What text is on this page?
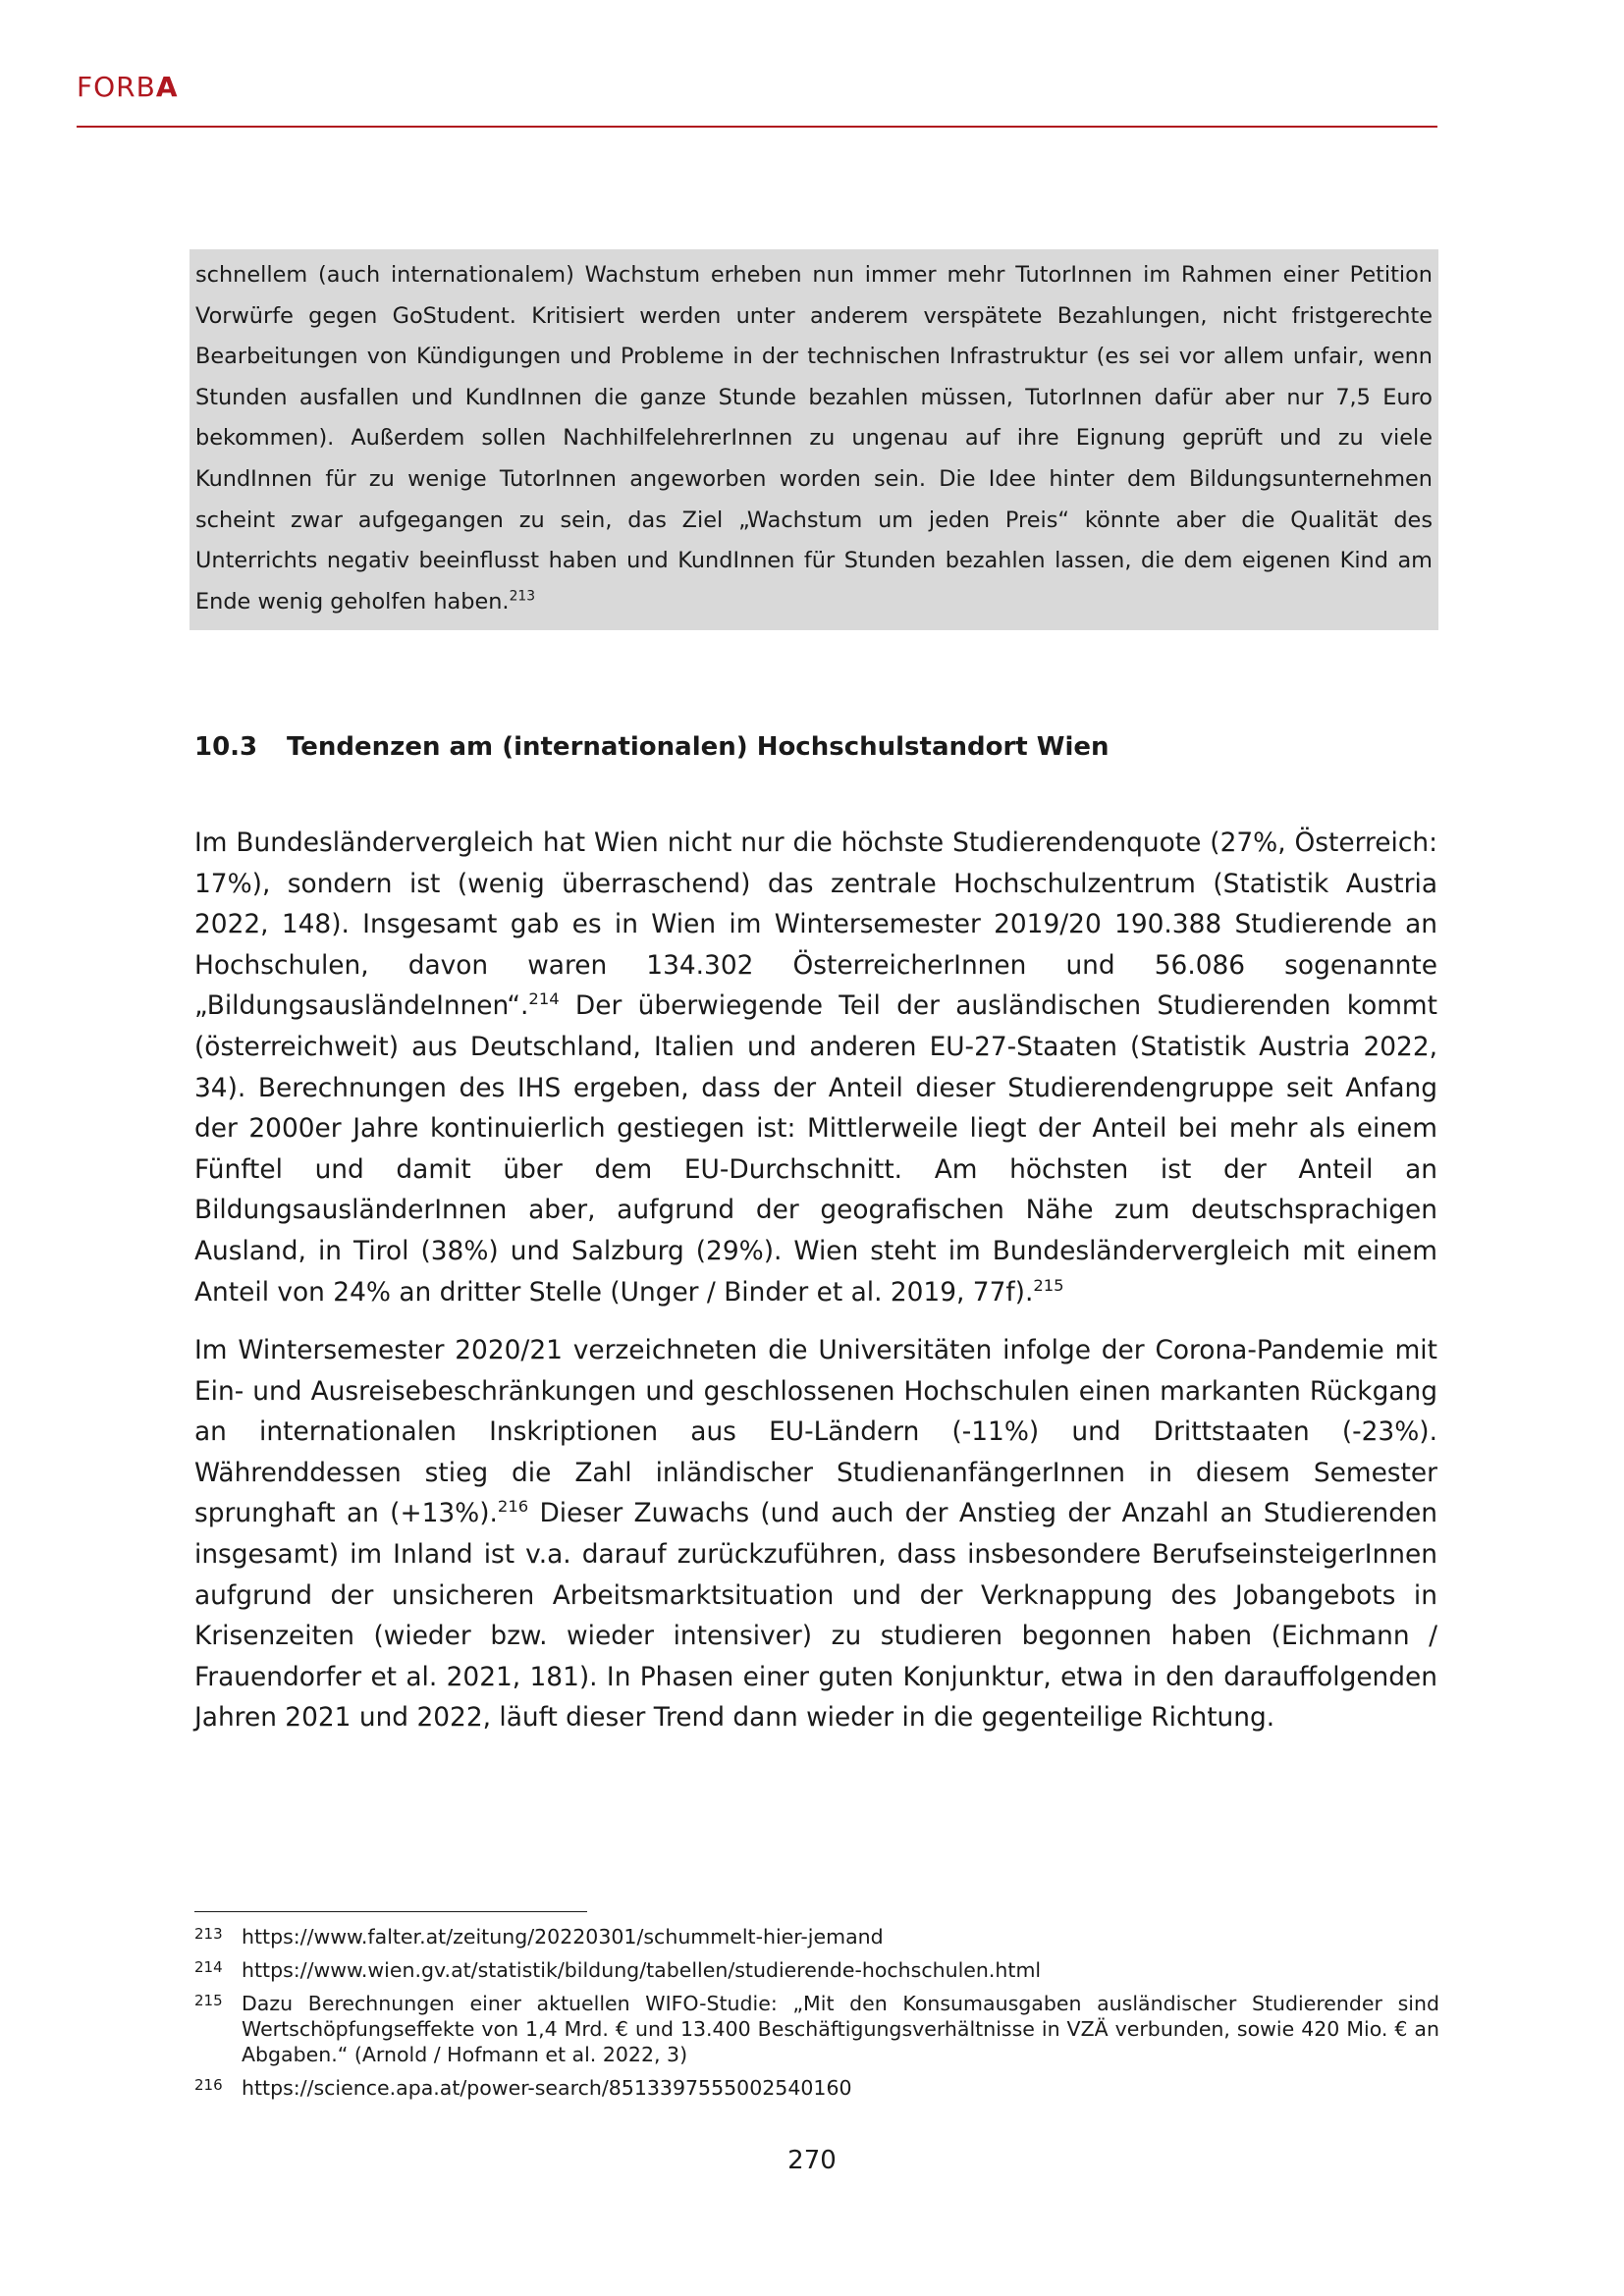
FORBA
schnellem (auch internationalem) Wachstum erheben nun immer mehr TutorInnen im Rahmen einer Petition Vorwürfe gegen GoStudent. Kritisiert werden unter anderem verspätete Bezahlungen, nicht fristgerechte Bearbeitungen von Kündigungen und Probleme in der technischen Infrastruktur (es sei vor allem unfair, wenn Stunden ausfallen und KundInnen die ganze Stunde bezahlen müssen, TutorInnen dafür aber nur 7,5 Euro bekommen). Außerdem sollen NachhilfelehrerInnen zu ungenau auf ihre Eignung geprüft und zu viele KundInnen für zu wenige TutorInnen angeworben worden sein. Die Idee hinter dem Bildungsunternehmen scheint zwar aufgegangen zu sein, das Ziel „Wachstum um jeden Preis“ könnte aber die Qualität des Unterrichts negativ beeinflusst haben und KundInnen für Stunden bezahlen lassen, die dem eigenen Kind am Ende wenig geholfen haben.$^{213}$
10.3 Tendenzen am (internationalen) Hochschulstandort Wien
Im Bundesländervergleich hat Wien nicht nur die höchste Studierendenquote (27%, Österreich: 17%), sondern ist (wenig überraschend) das zentrale Hochschulzentrum (Statistik Austria 2022, 148). Insgesamt gab es in Wien im Wintersemester 2019/20 190.388 Studierende an Hochschulen, davon waren 134.302 ÖsterreicherInnen und 56.086 sogenannte „BildungsausländeInnen“.$^{214}$ Der überwiegende Teil der ausländischen Studierenden kommt (österreichweit) aus Deutschland, Italien und anderen EU-27-Staaten (Statistik Austria 2022, 34). Berechnungen des IHS ergeben, dass der Anteil dieser Studierendengruppe seit Anfang der 2000er Jahre kontinuierlich gestiegen ist: Mittlerweile liegt der Anteil bei mehr als einem Fünftel und damit über dem EU-Durchschnitt. Am höchsten ist der Anteil an BildungsausländerInnen aber, aufgrund der geografischen Nähe zum deutschsprachigen Ausland, in Tirol (38%) und Salzburg (29%). Wien steht im Bundesländervergleich mit einem Anteil von 24% an dritter Stelle (Unger / Binder et al. 2019, 77f).$^{215}$
Im Wintersemester 2020/21 verzeichneten die Universitäten infolge der Corona-Pandemie mit Ein- und Ausreisebeschränkungen und geschlossenen Hochschulen einen markanten Rückgang an internationalen Inskriptionen aus EU-Ländern (-11%) und Drittstaaten (-23%). Währenddessen stieg die Zahl inländischer StudienanfängerInnen in diesem Semester sprunghaft an (+13%).$^{216}$ Dieser Zuwachs (und auch der Anstieg der Anzahl an Studierenden insgesamt) im Inland ist v.a. darauf zurückzuführen, dass insbesondere BerufseinsteigerInnen aufgrund der unsicheren Arbeitsmarktsituation und der Verknappung des Jobangebots in Krisenzeiten (wieder bzw. wieder intensiver) zu studieren begonnen haben (Eichmann / Frauendorfer et al. 2021, 181). In Phasen einer guten Konjunktur, etwa in den darauffolgenden Jahren 2021 und 2022, läuft dieser Trend dann wieder in die gegenteilige Richtung.
213 https://www.falter.at/zeitung/20220301/schummelt-hier-jemand
214 https://www.wien.gv.at/statistik/bildung/tabellen/studierende-hochschulen.html
215 Dazu Berechnungen einer aktuellen WIFO-Studie: „Mit den Konsumausgaben ausländischer Studierender sind Wertschöpfungseffekte von 1,4 Mrd. € und 13.400 Beschäftigungsverhältnisse in VZÄ verbunden, sowie 420 Mio. € an Abgaben.“ (Arnold / Hofmann et al. 2022, 3)
216 https://science.apa.at/power-search/8513397555002540160
270
